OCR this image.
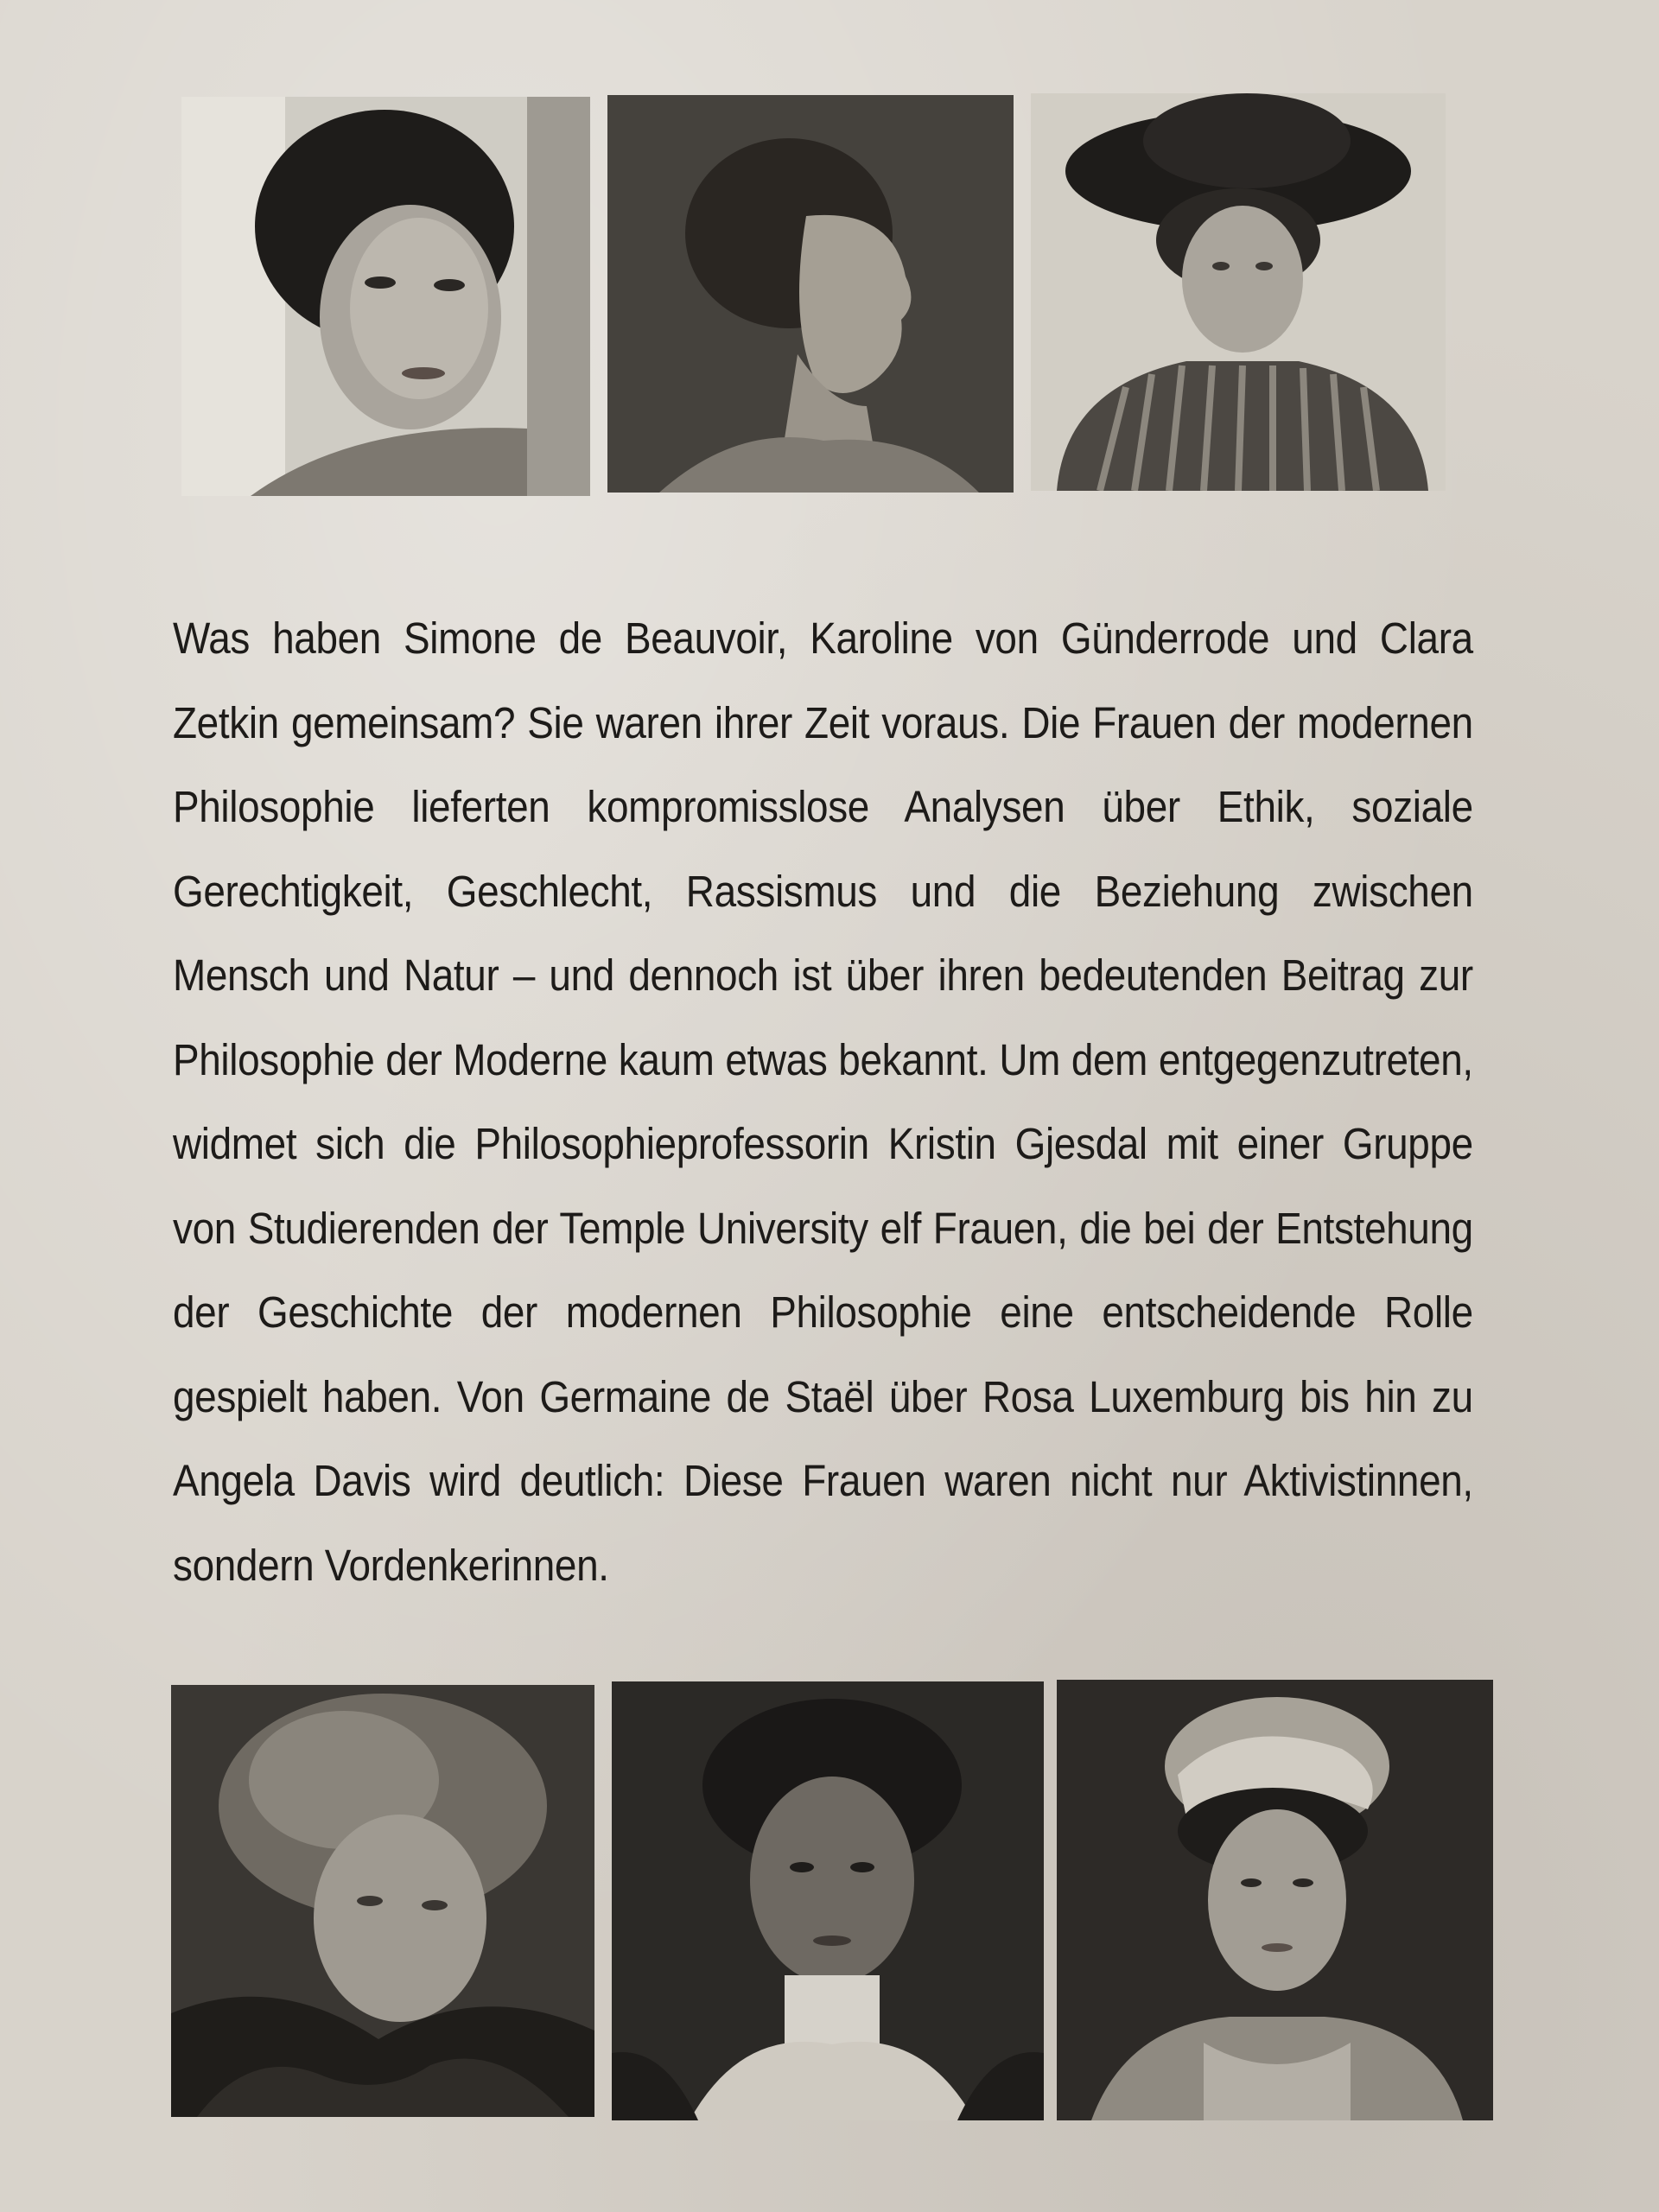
Was haben Simone de Beauvoir, Karoline von Günderrode und Clara Zetkin gemeinsam? Sie waren ihrer Zeit voraus. Die Frauen der modernen Philosophie lieferten kompromisslose Analysen über Ethik, soziale Gerechtigkeit, Geschlecht, Rassismus und die Beziehung zwischen Mensch und Natur – und dennoch ist über ihren bedeutenden Beitrag zur Philosophie der Moderne kaum etwas bekannt. Um dem entgegenzutreten, widmet sich die Philosophieprofessorin Kristin Gjesdal mit einer Gruppe von Studierenden der Temple University elf Frauen, die bei der Entstehung der Geschichte der modernen Philosophie eine entscheidende Rolle gespielt haben. Von Germaine de Staël über Rosa Luxemburg bis hin zu Angela Davis wird deutlich: Diese Frauen waren nicht nur Aktivistinnen, sondern Vordenkerinnen.
